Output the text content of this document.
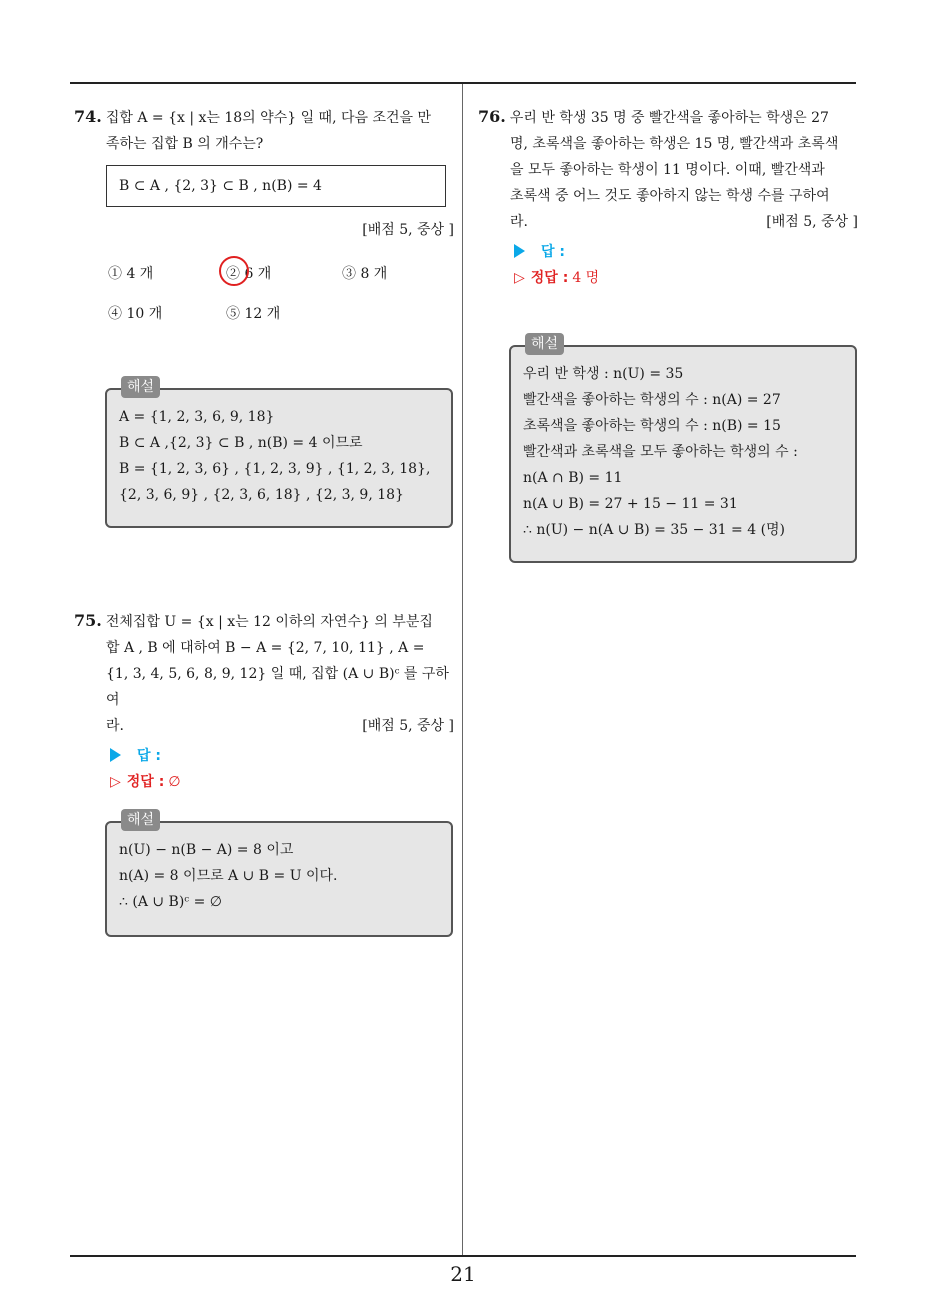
21
74. 집합 A = {x | x는 18의 약수} 일 때, 다음 조건을 만
족하는 집합 B 의 개수는?
B ⊂ A , {2, 3} ⊂ B , n(B) = 4
[배점 5, 중상 ]
① 4 개	② 6 개	③ 8 개
④ 10 개	⑤ 12 개
해설
A = {1, 2, 3, 6, 9, 18}
B ⊂ A ,{2, 3} ⊂ B , n(B) = 4 이므로
B = {1, 2, 3, 6} , {1, 2, 3, 9} , {1, 2, 3, 18},
{2, 3, 6, 9} , {2, 3, 6, 18} , {2, 3, 9, 18}
75. 전체집합 U = {x | x는 12 이하의 자연수} 의 부분집
합 A , B 에 대하여 B − A = {2, 7, 10, 11} , A =
{1, 3, 4, 5, 6, 8, 9, 12} 일 때, 집합 (A ∪ B)ᶜ 를 구하여
라.	[배점 5, 중상 ]
답 :
▷ 정답 : ∅
해설
n(U) − n(B − A) = 8 이고
n(A) = 8 이므로 A ∪ B = U 이다.
∴ (A ∪ B)ᶜ = ∅
76. 우리 반 학생 35 명 중 빨간색을 좋아하는 학생은 27
명, 초록색을 좋아하는 학생은 15 명, 빨간색과 초록색
을 모두 좋아하는 학생이 11 명이다. 이때, 빨간색과
초록색 중 어느 것도 좋아하지 않는 학생 수를 구하여
라.	[배점 5, 중상 ]
답 :
▷ 정답 : 4 명
해설
우리 반 학생 : n(U) = 35
빨간색을 좋아하는 학생의 수 : n(A) = 27
초록색을 좋아하는 학생의 수 : n(B) = 15
빨간색과 초록색을 모두 좋아하는 학생의 수 :
n(A ∩ B) = 11
n(A ∪ B) = 27 + 15 − 11 = 31
∴ n(U) − n(A ∪ B) = 35 − 31 = 4 (명)
